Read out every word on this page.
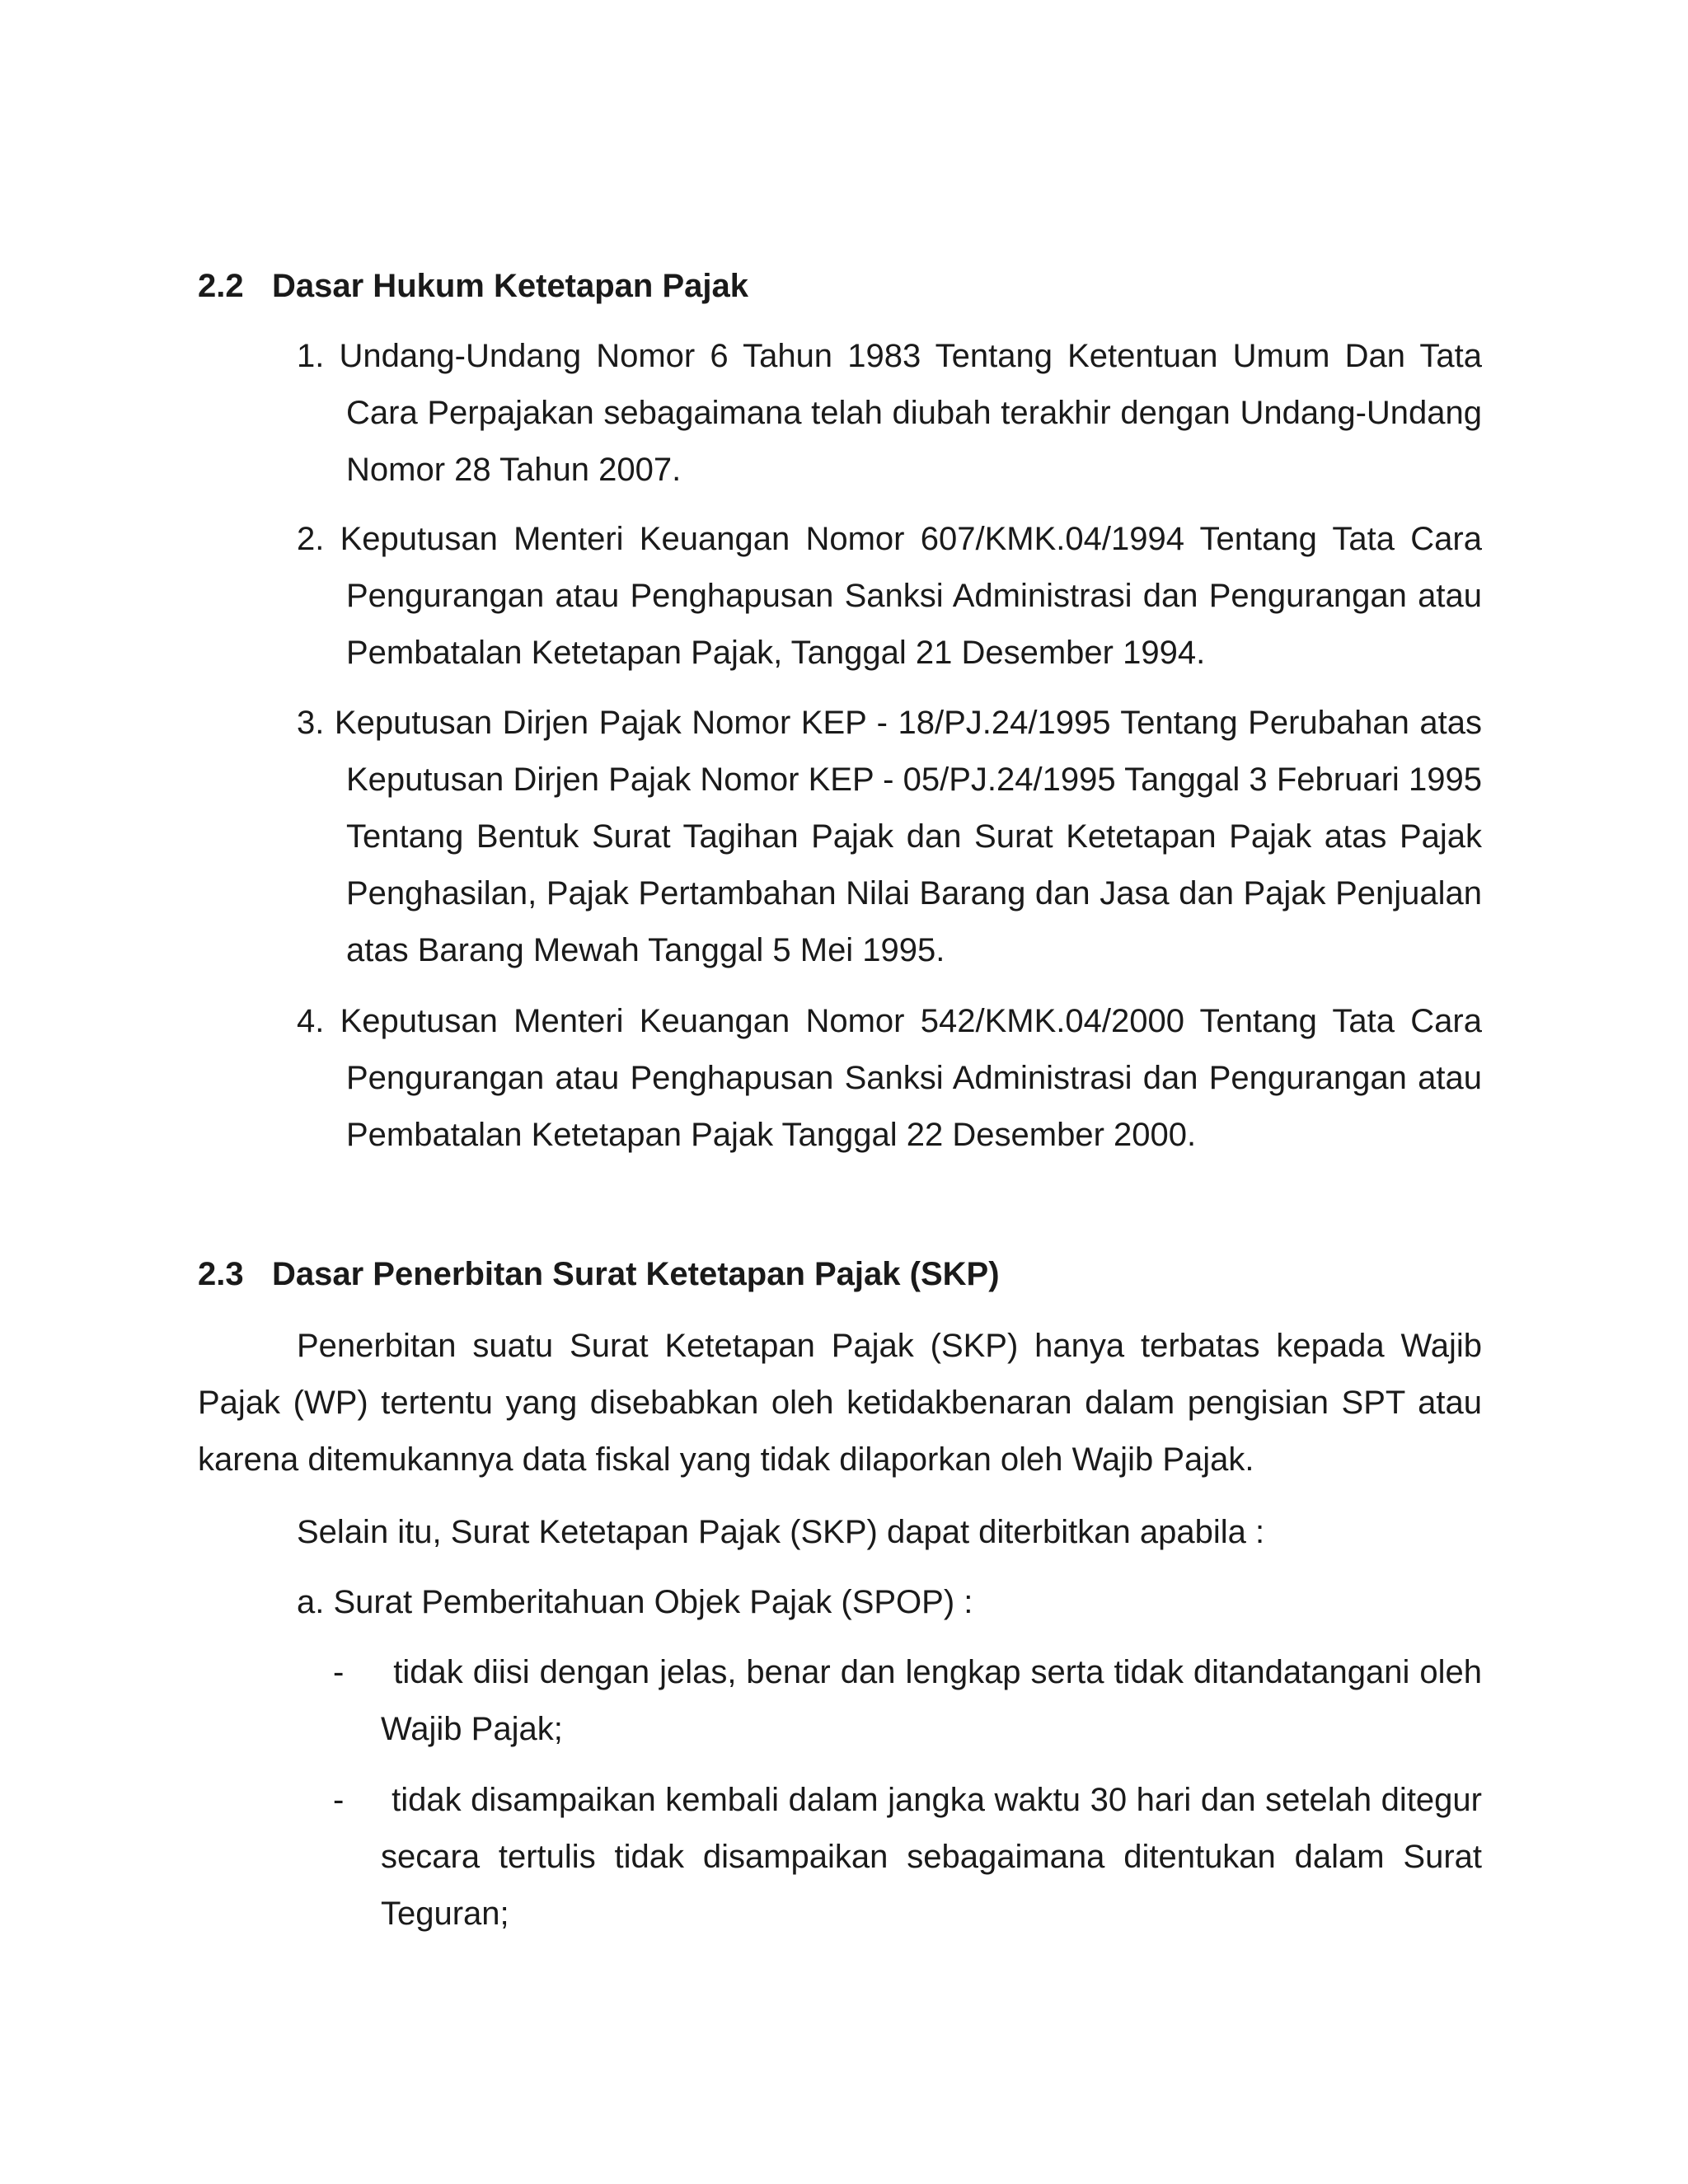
2.2 Dasar Hukum Ketetapan Pajak
1. Undang-Undang Nomor 6 Tahun 1983 Tentang Ketentuan Umum Dan Tata Cara Perpajakan sebagaimana telah diubah terakhir dengan Undang-Undang Nomor 28 Tahun 2007.
2. Keputusan Menteri Keuangan Nomor 607/KMK.04/1994 Tentang Tata Cara Pengurangan atau Penghapusan Sanksi Administrasi dan Pengurangan atau Pembatalan Ketetapan Pajak, Tanggal 21 Desember 1994.
3. Keputusan Dirjen Pajak Nomor KEP - 18/PJ.24/1995 Tentang Perubahan atas Keputusan Dirjen Pajak Nomor KEP - 05/PJ.24/1995 Tanggal 3 Februari 1995 Tentang Bentuk Surat Tagihan Pajak dan Surat Ketetapan Pajak atas Pajak Penghasilan, Pajak Pertambahan Nilai Barang dan Jasa dan Pajak Penjualan atas Barang Mewah Tanggal 5 Mei 1995.
4. Keputusan Menteri Keuangan Nomor 542/KMK.04/2000 Tentang Tata Cara Pengurangan atau Penghapusan Sanksi Administrasi dan Pengurangan atau Pembatalan Ketetapan Pajak Tanggal 22 Desember 2000.
2.3 Dasar Penerbitan Surat Ketetapan Pajak (SKP)
Penerbitan suatu Surat Ketetapan Pajak (SKP) hanya terbatas kepada Wajib Pajak (WP) tertentu yang disebabkan oleh ketidakbenaran dalam pengisian SPT atau karena ditemukannya data fiskal yang tidak dilaporkan oleh Wajib Pajak.
Selain itu, Surat Ketetapan Pajak (SKP) dapat diterbitkan apabila :
a. Surat Pemberitahuan Objek Pajak (SPOP) :
- tidak diisi dengan jelas, benar dan lengkap serta tidak ditandatangani oleh Wajib Pajak;
- tidak disampaikan kembali dalam jangka waktu 30 hari dan setelah ditegur secara tertulis tidak disampaikan sebagaimana ditentukan dalam Surat Teguran;
